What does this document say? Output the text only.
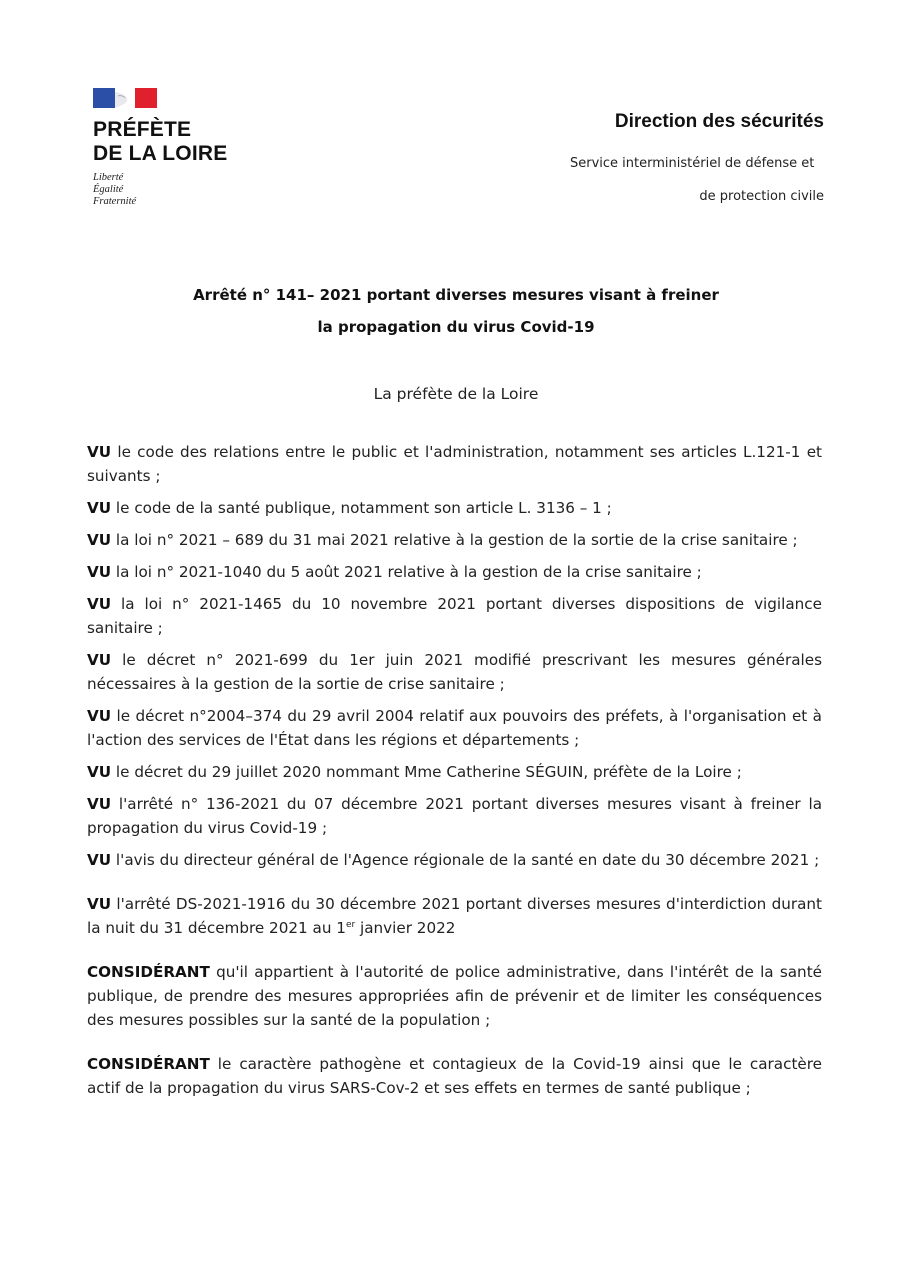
PRÉFÈTE
DE LA LOIRE
Liberté
Égalité
Fraternité
Direction des sécurités
Service interministériel de défense et
de protection civile
Arrêté n° 141– 2021 portant diverses mesures visant à freiner
la propagation du virus Covid-19
La préfète de la Loire

VU le code des relations entre le public et l'administration, notamment ses articles L.121-1 et suivants ;

VU le code de la santé publique, notamment son article L. 3136 – 1 ;

VU la loi n° 2021 – 689 du 31 mai 2021 relative à la gestion de la sortie de la crise sanitaire ;

VU la loi n° 2021-1040 du 5 août 2021 relative à la gestion de la crise sanitaire ;

VU la loi n° 2021-1465 du 10 novembre 2021 portant diverses dispositions de vigilance sanitaire ;

VU le décret n° 2021-699 du 1er juin 2021 modifié prescrivant les mesures générales nécessaires à la gestion de la sortie de crise sanitaire ;

VU le décret n°2004–374 du 29 avril 2004 relatif aux pouvoirs des préfets, à l'organisation et à l'action des services de l'État dans les régions et départements ;

VU le décret du 29 juillet 2020 nommant Mme Catherine SÉGUIN, préfète de la Loire ;

VU l'arrêté n° 136-2021 du 07 décembre 2021 portant diverses mesures visant à freiner la propagation du virus Covid-19 ;

VU l'avis du directeur général de l'Agence régionale de la santé en date du 30 décembre 2021 ;

VU l'arrêté DS-2021-1916 du 30 décembre 2021 portant diverses mesures d'interdiction durant la nuit du 31 décembre 2021 au 1er janvier 2022

CONSIDÉRANT qu'il appartient à l'autorité de police administrative, dans l'intérêt de la santé publique, de prendre des mesures appropriées afin de prévenir et de limiter les conséquences des mesures possibles sur la santé de la population ;

CONSIDÉRANT le caractère pathogène et contagieux de la Covid-19 ainsi que le caractère actif de la propagation du virus SARS-Cov-2 et ses effets en termes de santé publique ;
